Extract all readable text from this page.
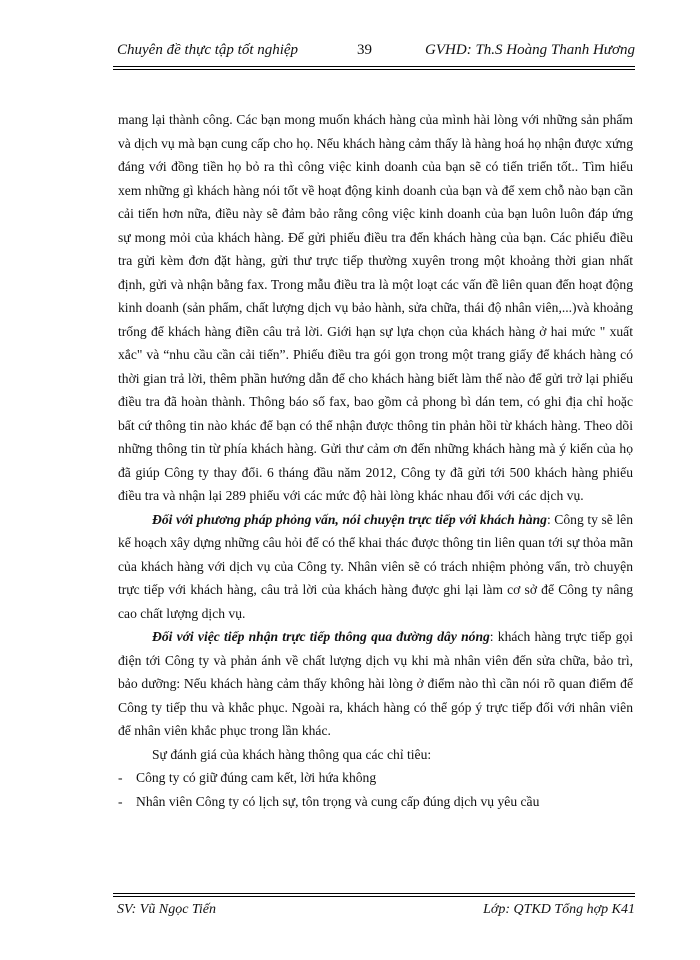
Chuyên đề thực tập tốt nghiệp	39	GVHD: Th.S Hoàng Thanh Hương

mang lại thành công. Các bạn mong muốn khách hàng của mình hài lòng với những sản phẩm và dịch vụ mà bạn cung cấp cho họ. Nếu khách hàng cảm thấy là hàng hoá họ nhận được xứng đáng với đồng tiền họ bỏ ra thì công việc kinh doanh của bạn sẽ có tiến triển tốt.. Tìm hiểu xem những gì khách hàng nói tốt về hoạt động kinh doanh của bạn và để xem chỗ nào bạn cần cải tiến hơn nữa, điều này sẽ đảm bảo rằng công việc kinh doanh của bạn luôn luôn đáp ứng sự mong mỏi của khách hàng. Để gửi phiếu điều tra đến khách hàng của bạn. Các phiếu điều tra gửi kèm đơn đặt hàng, gửi thư trực tiếp thường xuyên trong một khoảng thời gian nhất định, gửi và nhận bằng fax. Trong mẫu điều tra là một loạt các vấn đề liên quan đến hoạt động kinh doanh (sản phẩm, chất lượng dịch vụ bảo hành, sửa chữa, thái độ nhân viên,...)và khoảng trống để khách hàng điền câu trả lời. Giới hạn sự lựa chọn của khách hàng ở hai mức " xuất xắc" và “nhu cầu cần cải tiến”. Phiếu điều tra gói gọn trong một trang giấy để khách hàng có thời gian trả lời, thêm phần hướng dẫn để cho khách hàng biết làm thế nào để gửi trở lại phiếu điều tra đã hoàn thành. Thông báo số fax, bao gồm cả phong bì dán tem, có ghi địa chỉ hoặc bất cứ thông tin nào khác để bạn có thể nhận được thông tin phản hồi từ khách hàng. Theo dõi những thông tin từ phía khách hàng. Gửi thư cảm ơn đến những khách hàng mà ý kiến của họ đã giúp Công ty thay đổi. 6 tháng đầu năm 2012, Công ty đã gửi tới 500 khách hàng phiếu điều tra và nhận lại 289 phiếu với các mức độ hài lòng khác nhau đối với các dịch vụ.

Đối với phương pháp phỏng vấn, nói chuyện trực tiếp với khách hàng: Công ty sẽ lên kế hoạch xây dựng những câu hỏi để có thể khai thác được thông tin liên quan tới sự thỏa mãn của khách hàng với dịch vụ của Công ty. Nhân viên sẽ có trách nhiệm phỏng vấn, trò chuyện trực tiếp với khách hàng, câu trả lời của khách hàng được ghi lại làm cơ sở để Công ty nâng cao chất lượng dịch vụ.

Đối với việc tiếp nhận trực tiếp thông qua đường dây nóng: khách hàng trực tiếp gọi điện tới Công ty và phản ánh về chất lượng dịch vụ khi mà nhân viên đến sửa chữa, bảo trì, bảo dưỡng: Nếu khách hàng cảm thấy không hài lòng ở điểm nào thì cần nói rõ quan điểm để Công ty tiếp thu và khắc phục. Ngoài ra, khách hàng có thể góp ý trực tiếp đối với nhân viên để nhân viên khắc phục trong lần khác.

Sự đánh giá của khách hàng thông qua các chỉ tiêu:

- Công ty có giữ đúng cam kết, lời hứa không
- Nhân viên Công ty có lịch sự, tôn trọng và cung cấp đúng dịch vụ yêu cầu
SV: Vũ Ngọc Tiến	Lớp: QTKD Tổng hợp K41
